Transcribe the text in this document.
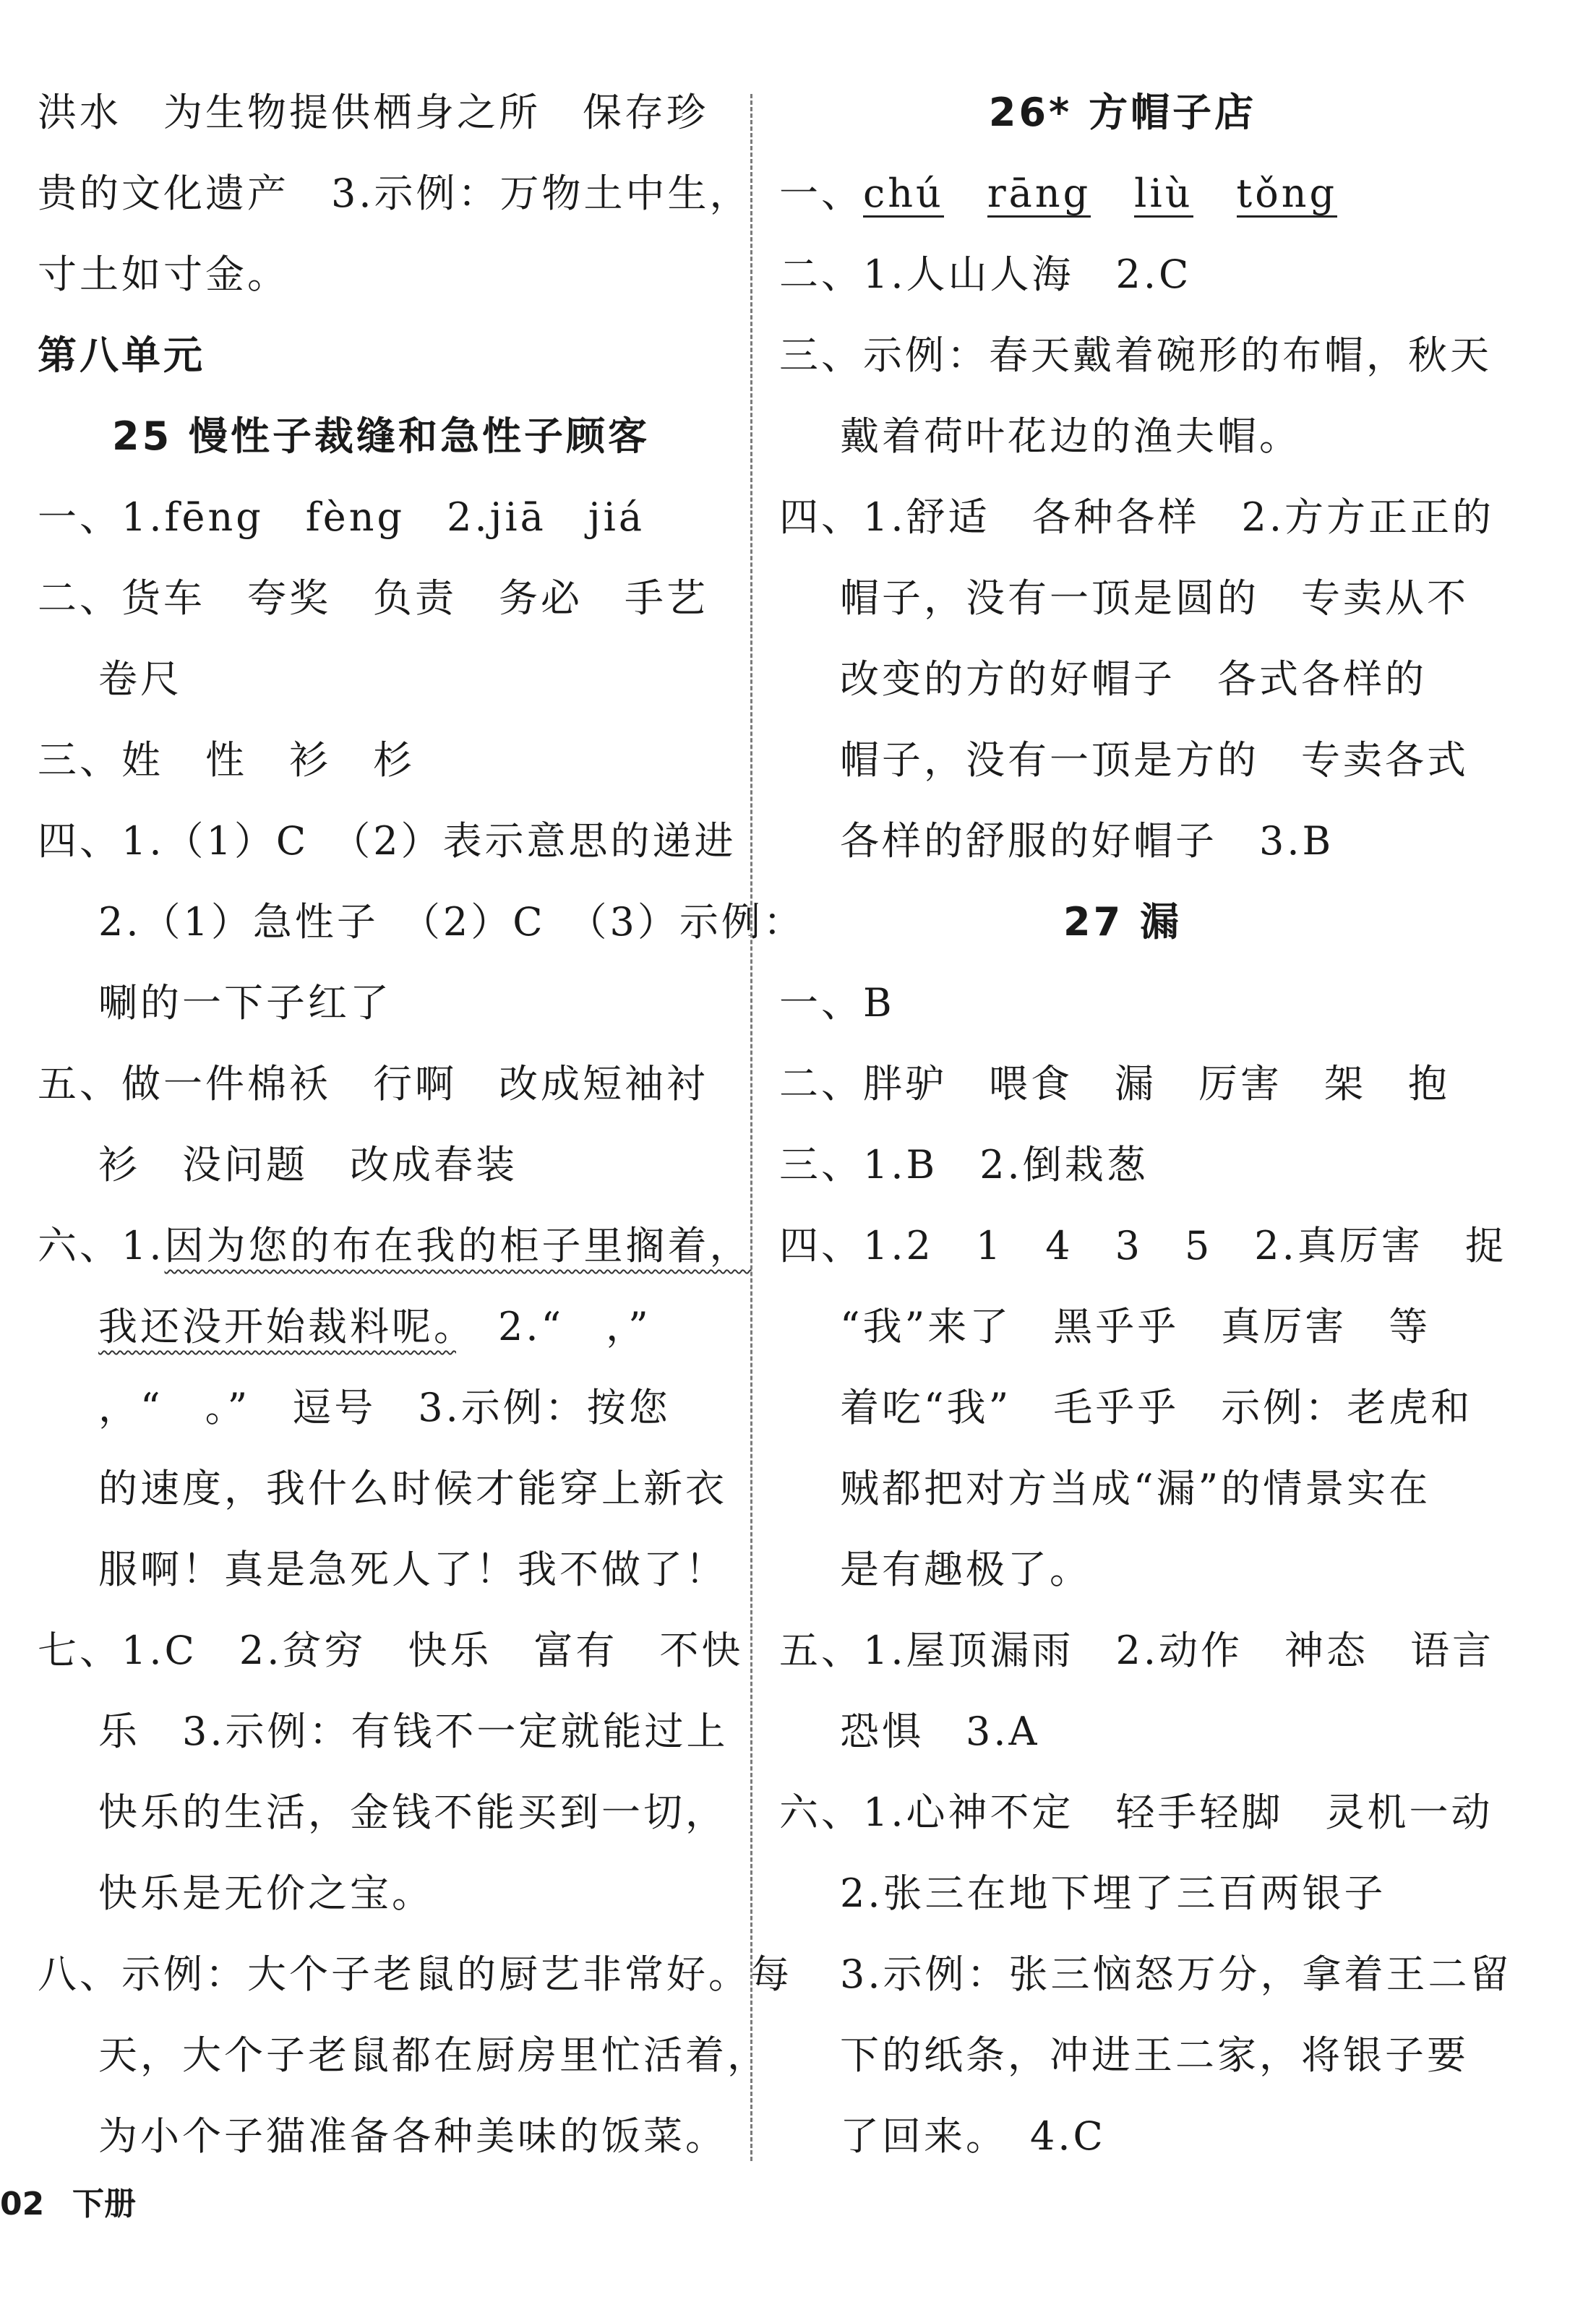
洪水　为生物提供栖身之所　保存珍
贵的文化遗产　3.示例：万物土中生，
寸土如寸金。
第八单元
25 慢性子裁缝和急性子顾客
一、1.fēng　fèng　2.jiā　jiá
二、货车　夸奖　负责　务必　手艺
卷尺
三、姓　性　衫　杉
四、1.（1）C　（2）表示意思的递进
2.（1）急性子　（2）C　（3）示例：
唰的一下子红了
五、做一件棉袄　行啊　改成短袖衬
衫　没问题　改成春装
六、1.因为您的布在我的柜子里搁着，
我还没开始裁料呢。　2.“　，”
，“　。”　逗号　3.示例：按您
的速度，我什么时候才能穿上新衣
服啊！真是急死人了！我不做了！
七、1.C　2.贫穷　快乐　富有　不快
乐　3.示例：有钱不一定就能过上
快乐的生活，金钱不能买到一切，
快乐是无价之宝。
八、示例：大个子老鼠的厨艺非常好。每
天，大个子老鼠都在厨房里忙活着，
为小个子猫准备各种美味的饭菜。
26* 方帽子店
一、chú rāng liù tǒng
二、1.人山人海　2.C
三、示例：春天戴着碗形的布帽，秋天
戴着荷叶花边的渔夫帽。
四、1.舒适　各种各样　2.方方正正的
帽子，没有一顶是圆的　专卖从不
改变的方的好帽子　各式各样的
帽子，没有一顶是方的　专卖各式
各样的舒服的好帽子　3.B
27 漏
一、B
二、胖驴　喂食　漏　厉害　架　抱
三、1.B　2.倒栽葱
四、1.2　1　4　3　5　2.真厉害　捉
“我”来了　黑乎乎　真厉害　等
着吃“我”　毛乎乎　示例：老虎和
贼都把对方当成“漏”的情景实在
是有趣极了。
五、1.屋顶漏雨　2.动作　神态　语言
恐惧　3.A
六、1.心神不定　轻手轻脚　灵机一动
2.张三在地下埋了三百两银子
3.示例：张三恼怒万分，拿着王二留
下的纸条，冲进王二家，将银子要
了回来。　4.C
02 下册
